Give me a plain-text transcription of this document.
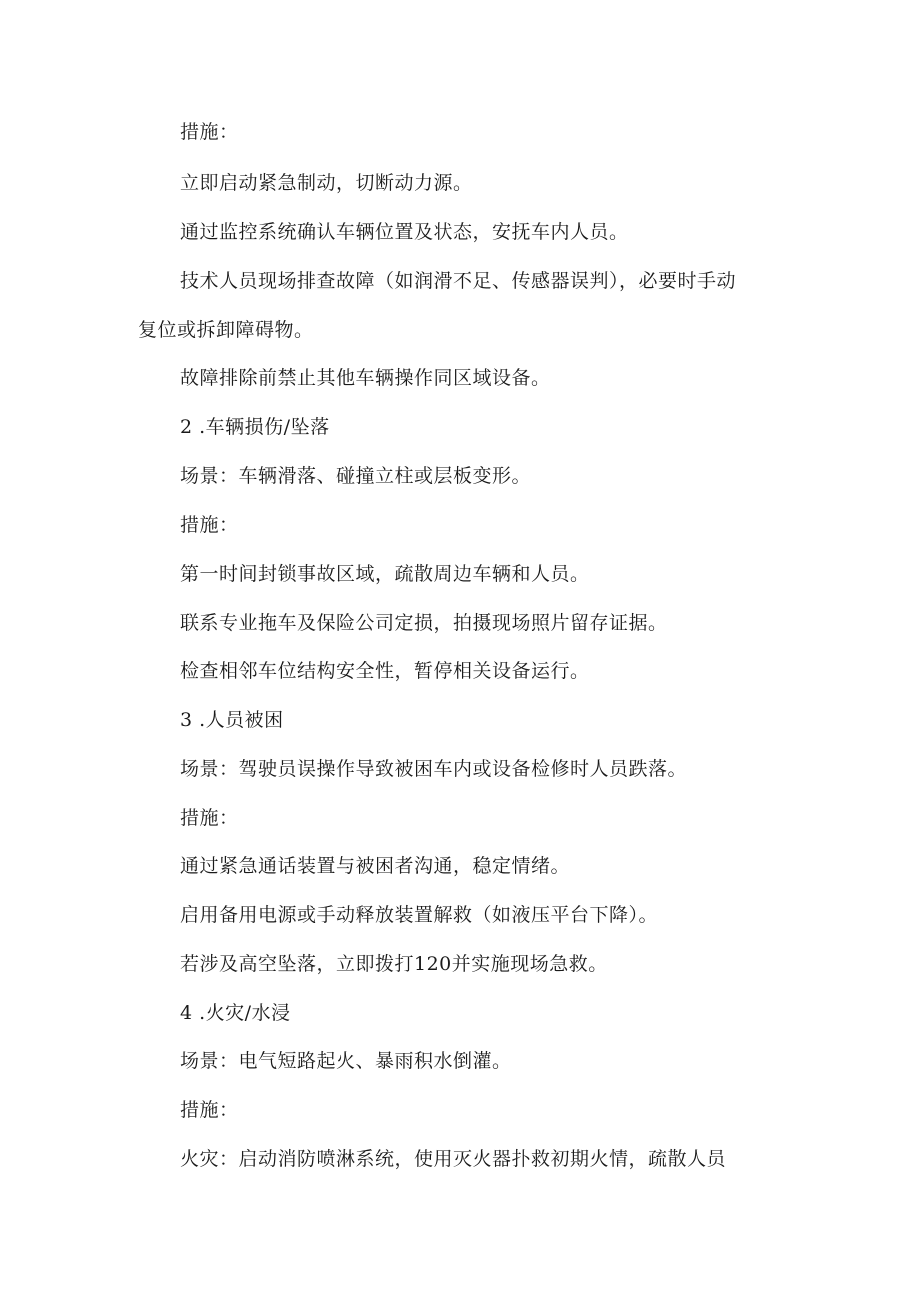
措施：
立即启动紧急制动，切断动力源。
通过监控系统确认车辆位置及状态，安抚车内人员。
技术人员现场排查故障（如润滑不足、传感器误判），必要时手动
复位或拆卸障碍物。
故障排除前禁止其他车辆操作同区域设备。
2 .车辆损伤/坠落
场景：车辆滑落、碰撞立柱或层板变形。
措施：
第一时间封锁事故区域，疏散周边车辆和人员。
联系专业拖车及保险公司定损，拍摄现场照片留存证据。
检查相邻车位结构安全性，暂停相关设备运行。
3 .人员被困
场景：驾驶员误操作导致被困车内或设备检修时人员跌落。
措施：
通过紧急通话装置与被困者沟通，稳定情绪。
启用备用电源或手动释放装置解救（如液压平台下降）。
若涉及高空坠落，立即拨打120并实施现场急救。
4 .火灾/水浸
场景：电气短路起火、暴雨积水倒灌。
措施：
火灾：启动消防喷淋系统，使用灭火器扑救初期火情，疏散人员
